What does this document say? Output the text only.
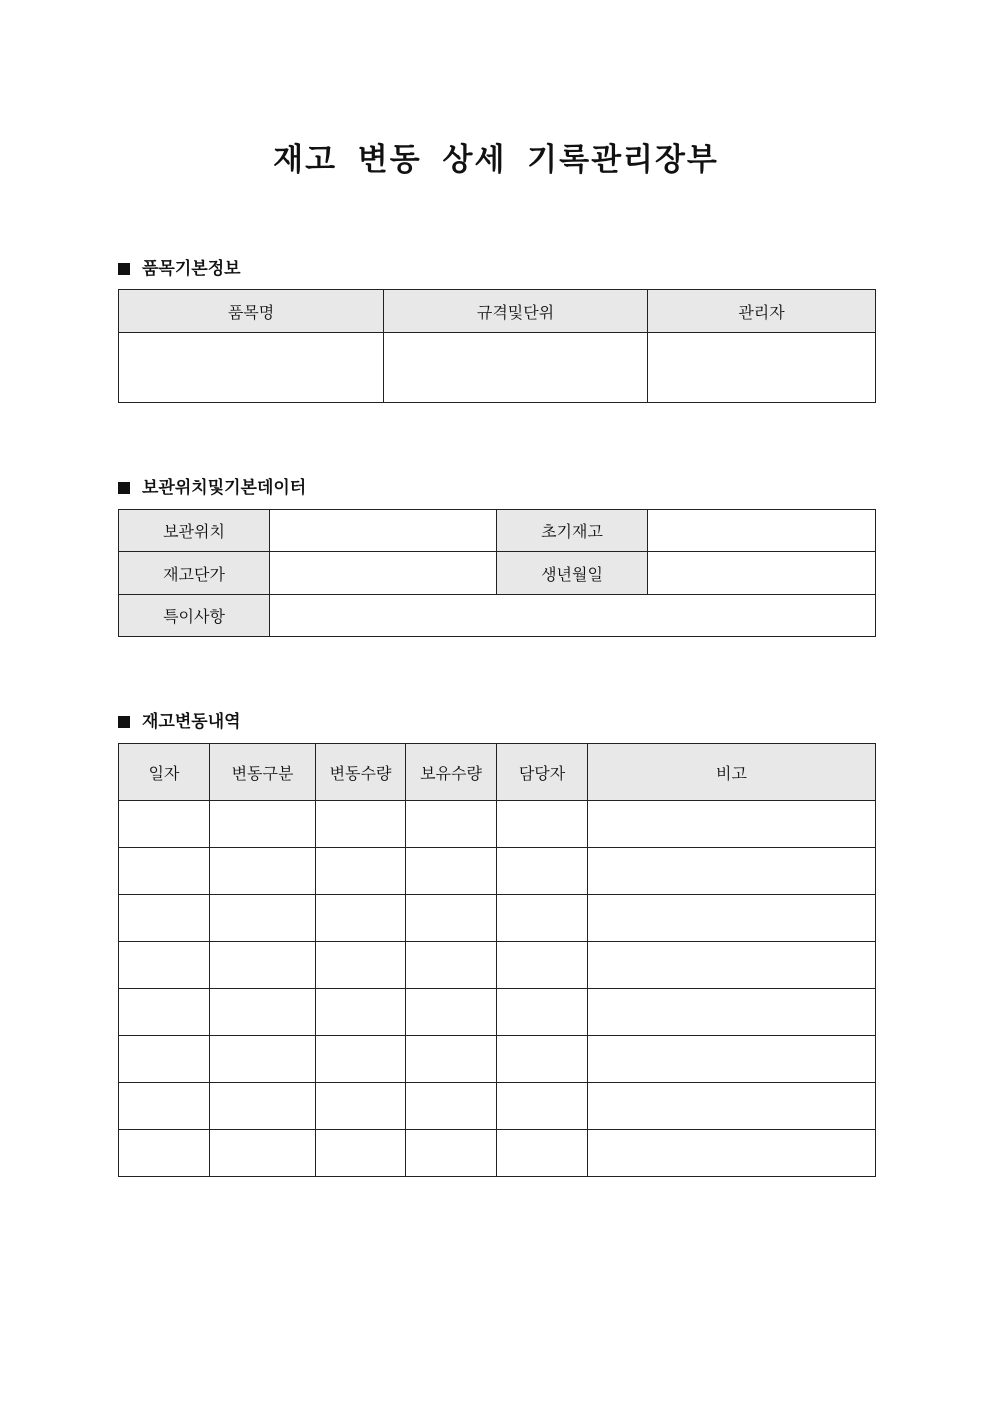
재고 변동 상세 기록관리장부
품목기본정보
품목명	규격및단위	관리자

보관위치및기본데이터
보관위치		초기재고	
재고단가		생년월일	
특이사항			
재고변동내역
일자	변동구분	변동수량	보유수량	담당자	비고
